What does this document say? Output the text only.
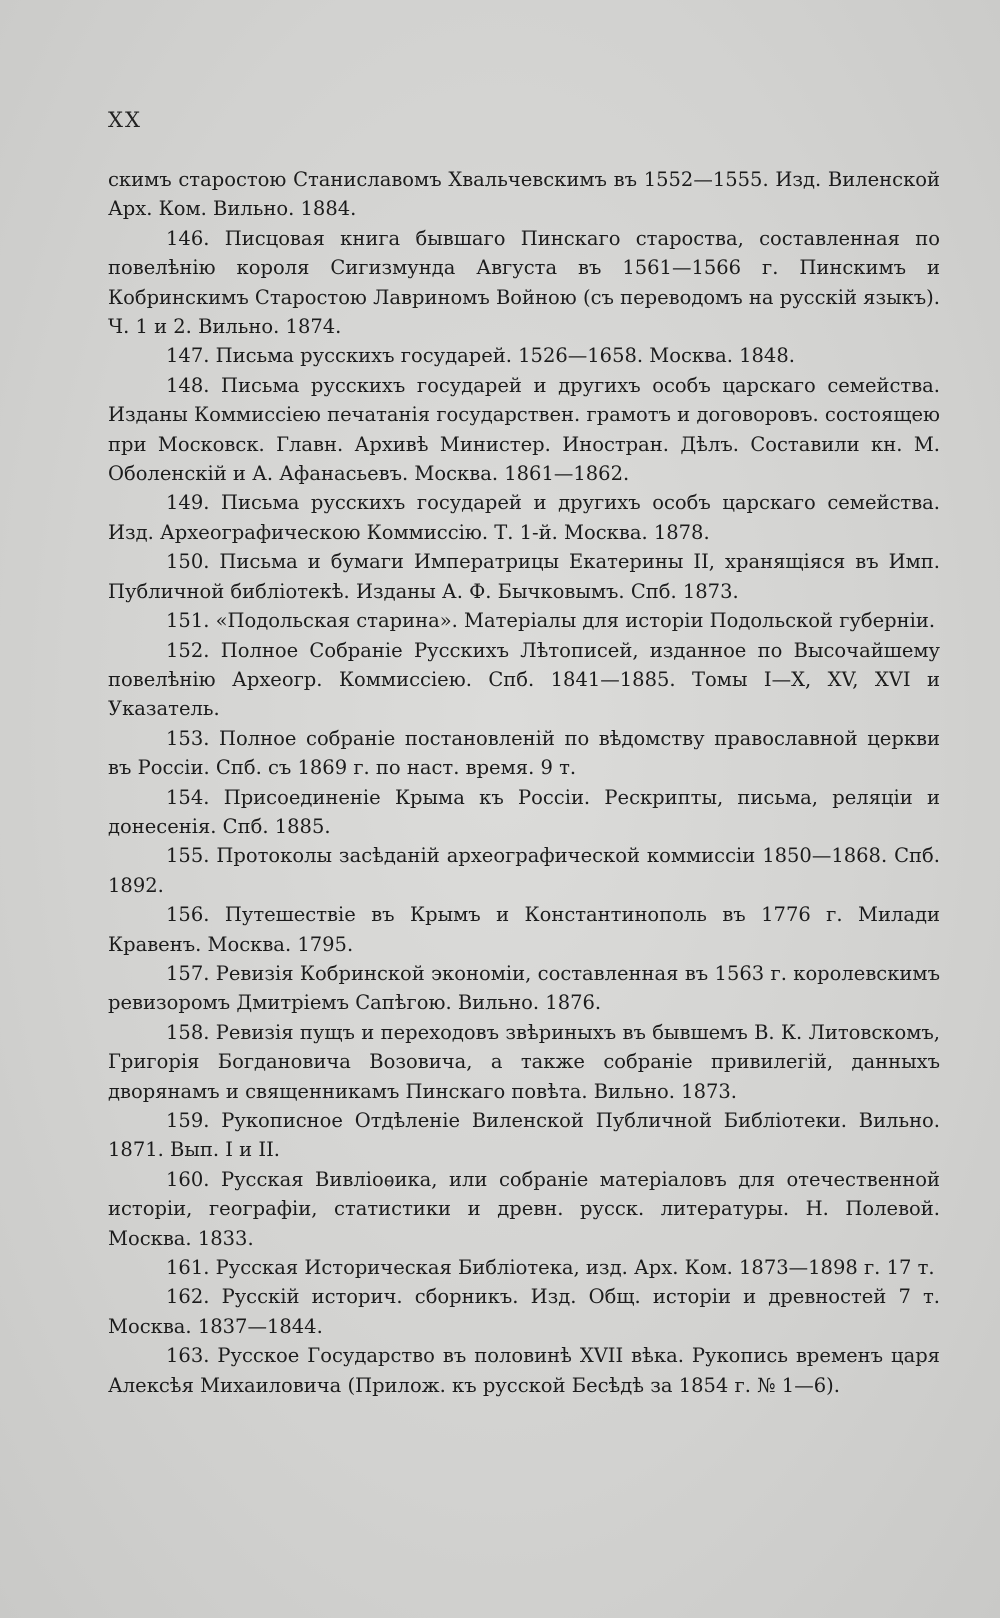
XX

скимъ старостою Станиславомъ Хвальчевскимъ въ 1552—1555. Изд. Виленской Арх. Ком. Вильно. 1884.

146. Писцовая книга бывшаго Пинскаго староства, составленная по повелѣнію короля Сигизмунда Августа въ 1561—1566 г. Пинскимъ и Кобринскимъ Старостою Лавриномъ Войною (съ переводомъ на русскій языкъ). Ч. 1 и 2. Вильно. 1874.

147. Письма русскихъ государей. 1526—1658. Москва. 1848.

148. Письма русскихъ государей и другихъ особъ царскаго семейства. Изданы Коммиссіею печатанія государствен. грамотъ и договоровъ. состоящею при Московск. Главн. Архивѣ Министер. Иностран. Дѣлъ. Составили кн. М. Оболенскій и А. Афанасьевъ. Москва. 1861—1862.

149. Письма русскихъ государей и другихъ особъ царскаго семейства. Изд. Археографическою Коммиссію. Т. 1-й. Москва. 1878.

150. Письма и бумаги Императрицы Екатерины II, хранящіяся въ Имп. Публичной библіотекѣ. Изданы А. Ф. Бычковымъ. Спб. 1873.

151. «Подольская старина». Матеріалы для исторіи Подольской губерніи.

152. Полное Собраніе Русскихъ Лѣтописей, изданное по Высочайшему повелѣнію Археогр. Коммиссіею. Спб. 1841—1885. Томы I—X, XV, XVI и Указатель.

153. Полное собраніе постановленій по вѣдомству православной церкви въ Россіи. Спб. съ 1869 г. по наст. время. 9 т.

154. Присоединеніе Крыма къ Россіи. Рескрипты, письма, реляціи и донесенія. Спб. 1885.

155. Протоколы засѣданій археографической коммиссіи 1850—1868. Спб. 1892.

156. Путешествіе въ Крымъ и Константинополь въ 1776 г. Милади Кравенъ. Москва. 1795.

157. Ревизія Кобринской экономіи, составленная въ 1563 г. королевскимъ ревизоромъ Дмитріемъ Сапѣгою. Вильно. 1876.

158. Ревизія пущъ и переходовъ звѣриныхъ въ бывшемъ В. К. Литовскомъ, Григорія Богдановича Вoзовича, а также собраніе привилегій, данныхъ дворянамъ и священникамъ Пинскаго повѣта. Вильно. 1873.

159. Рукописное Отдѣленіе Виленской Публичной Библіотеки. Вильно. 1871. Вып. I и II.

160. Русская Вивліоѳика, или собраніе матеріаловъ для отечественной исторіи, географіи, статистики и древн. русск. литературы. Н. Полевой. Москва. 1833.

161. Русская Историческая Библіотека, изд. Арх. Ком. 1873—1898 г. 17 т.

162. Русскій историч. сборникъ. Изд. Общ. исторіи и древностей 7 т. Москва. 1837—1844.

163. Русское Государство въ половинѣ XVII вѣка. Рукопись временъ царя Алексѣя Михаиловича (Прилож. къ русской Бесѣдѣ за 1854 г. № 1—6).
